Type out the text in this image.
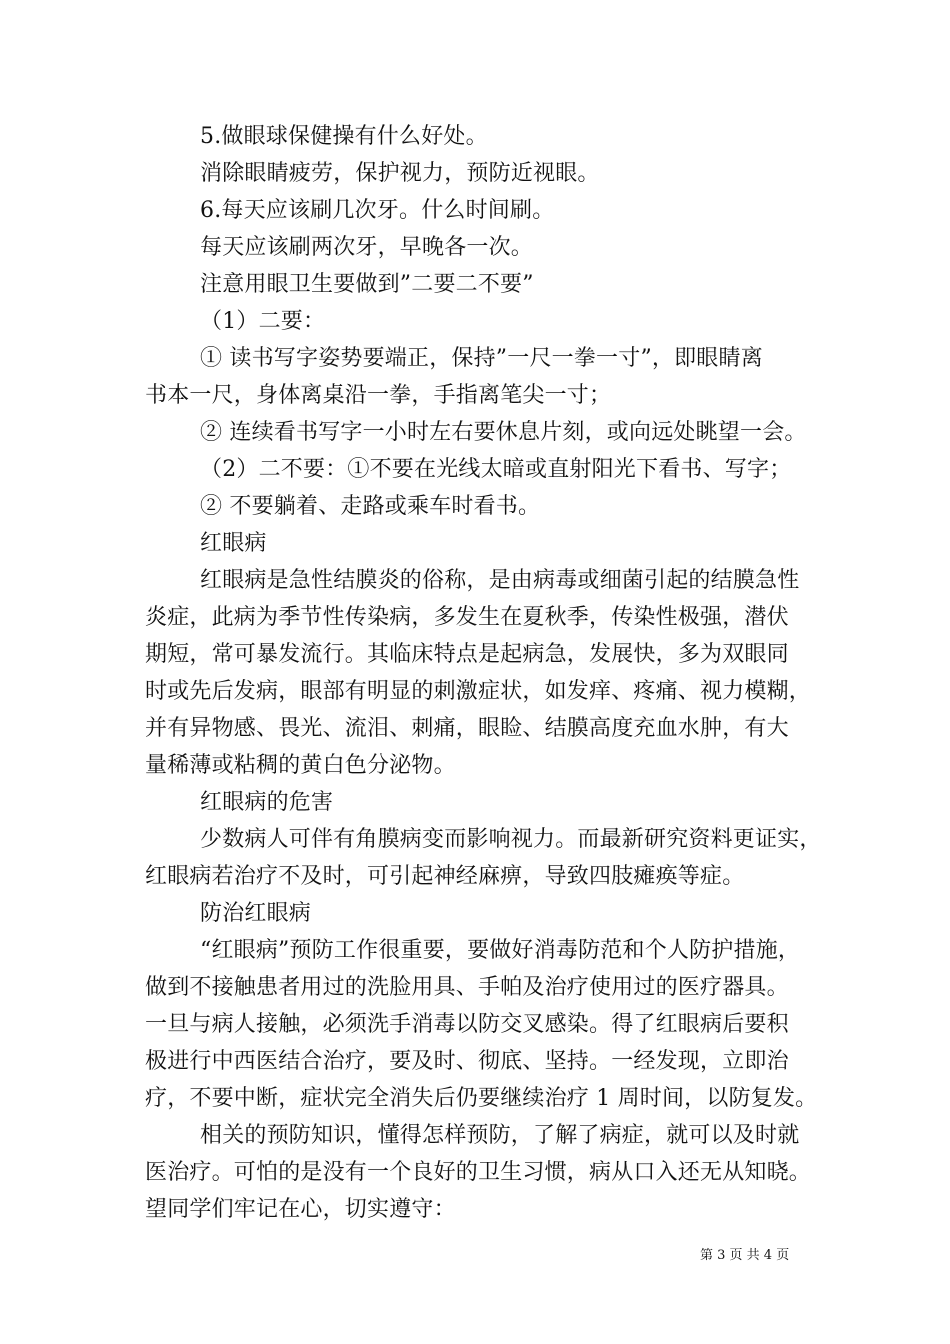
5.做眼球保健操有什么好处。
消除眼睛疲劳，保护视力，预防近视眼。
6.每天应该刷几次牙。什么时间刷。
每天应该刷两次牙，早晚各一次。
注意用眼卫生要做到”二要二不要”
（1）二要：
① 读书写字姿势要端正，保持”一尺一拳一寸”，即眼睛离
书本一尺，身体离桌沿一拳，手指离笔尖一寸；
② 连续看书写字一小时左右要休息片刻，或向远处眺望一会。
（2）二不要：①不要在光线太暗或直射阳光下看书、写字；
② 不要躺着、走路或乘车时看书。
红眼病
红眼病是急性结膜炎的俗称，是由病毒或细菌引起的结膜急性
炎症，此病为季节性传染病，多发生在夏秋季，传染性极强，潜伏
期短，常可暴发流行。其临床特点是起病急，发展快，多为双眼同
时或先后发病，眼部有明显的刺激症状，如发痒、疼痛、视力模糊，
并有异物感、畏光、流泪、刺痛，眼睑、结膜高度充血水肿，有大
量稀薄或粘稠的黄白色分泌物。
红眼病的危害
少数病人可伴有角膜病变而影响视力。而最新研究资料更证实，
红眼病若治疗不及时，可引起神经麻痹，导致四肢瘫痪等症。
防治红眼病
“红眼病”预防工作很重要，要做好消毒防范和个人防护措施，
做到不接触患者用过的洗脸用具、手帕及治疗使用过的医疗器具。
一旦与病人接触，必须洗手消毒以防交叉感染。得了红眼病后要积
极进行中西医结合治疗，要及时、彻底、坚持。一经发现，立即治
疗，不要中断，症状完全消失后仍要继续治疗 1 周时间，以防复发。
相关的预防知识，懂得怎样预防，了解了病症，就可以及时就
医治疗。可怕的是没有一个良好的卫生习惯，病从口入还无从知晓。
望同学们牢记在心，切实遵守：
第 3 页 共 4 页
